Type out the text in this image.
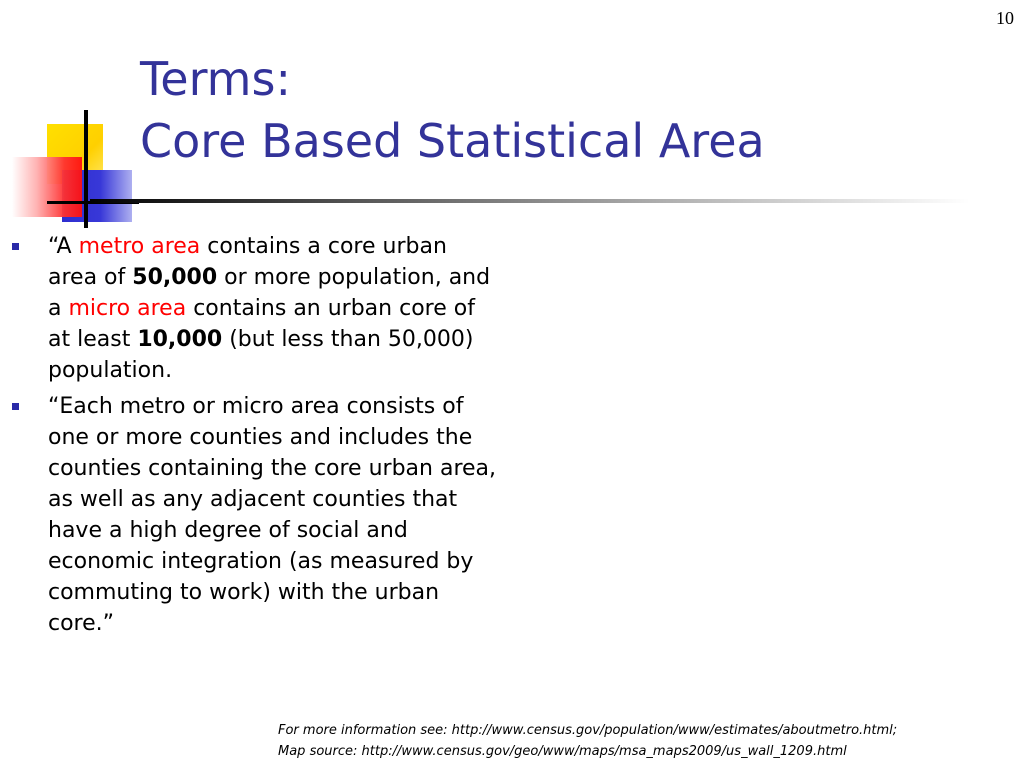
10
Terms:
Core Based Statistical Area
“A metro area contains a core urban area of 50,000 or more population, and a micro area contains an urban core of at least 10,000 (but less than 50,000) population.
“Each metro or micro area consists of one or more counties and includes the counties containing the core urban area, as well as any adjacent counties that have a high degree of social and economic integration (as measured by commuting to work) with the urban core.”
For more information see: http://www.census.gov/population/www/estimates/aboutmetro.html;
Map source: http://www.census.gov/geo/www/maps/msa_maps2009/us_wall_1209.html
